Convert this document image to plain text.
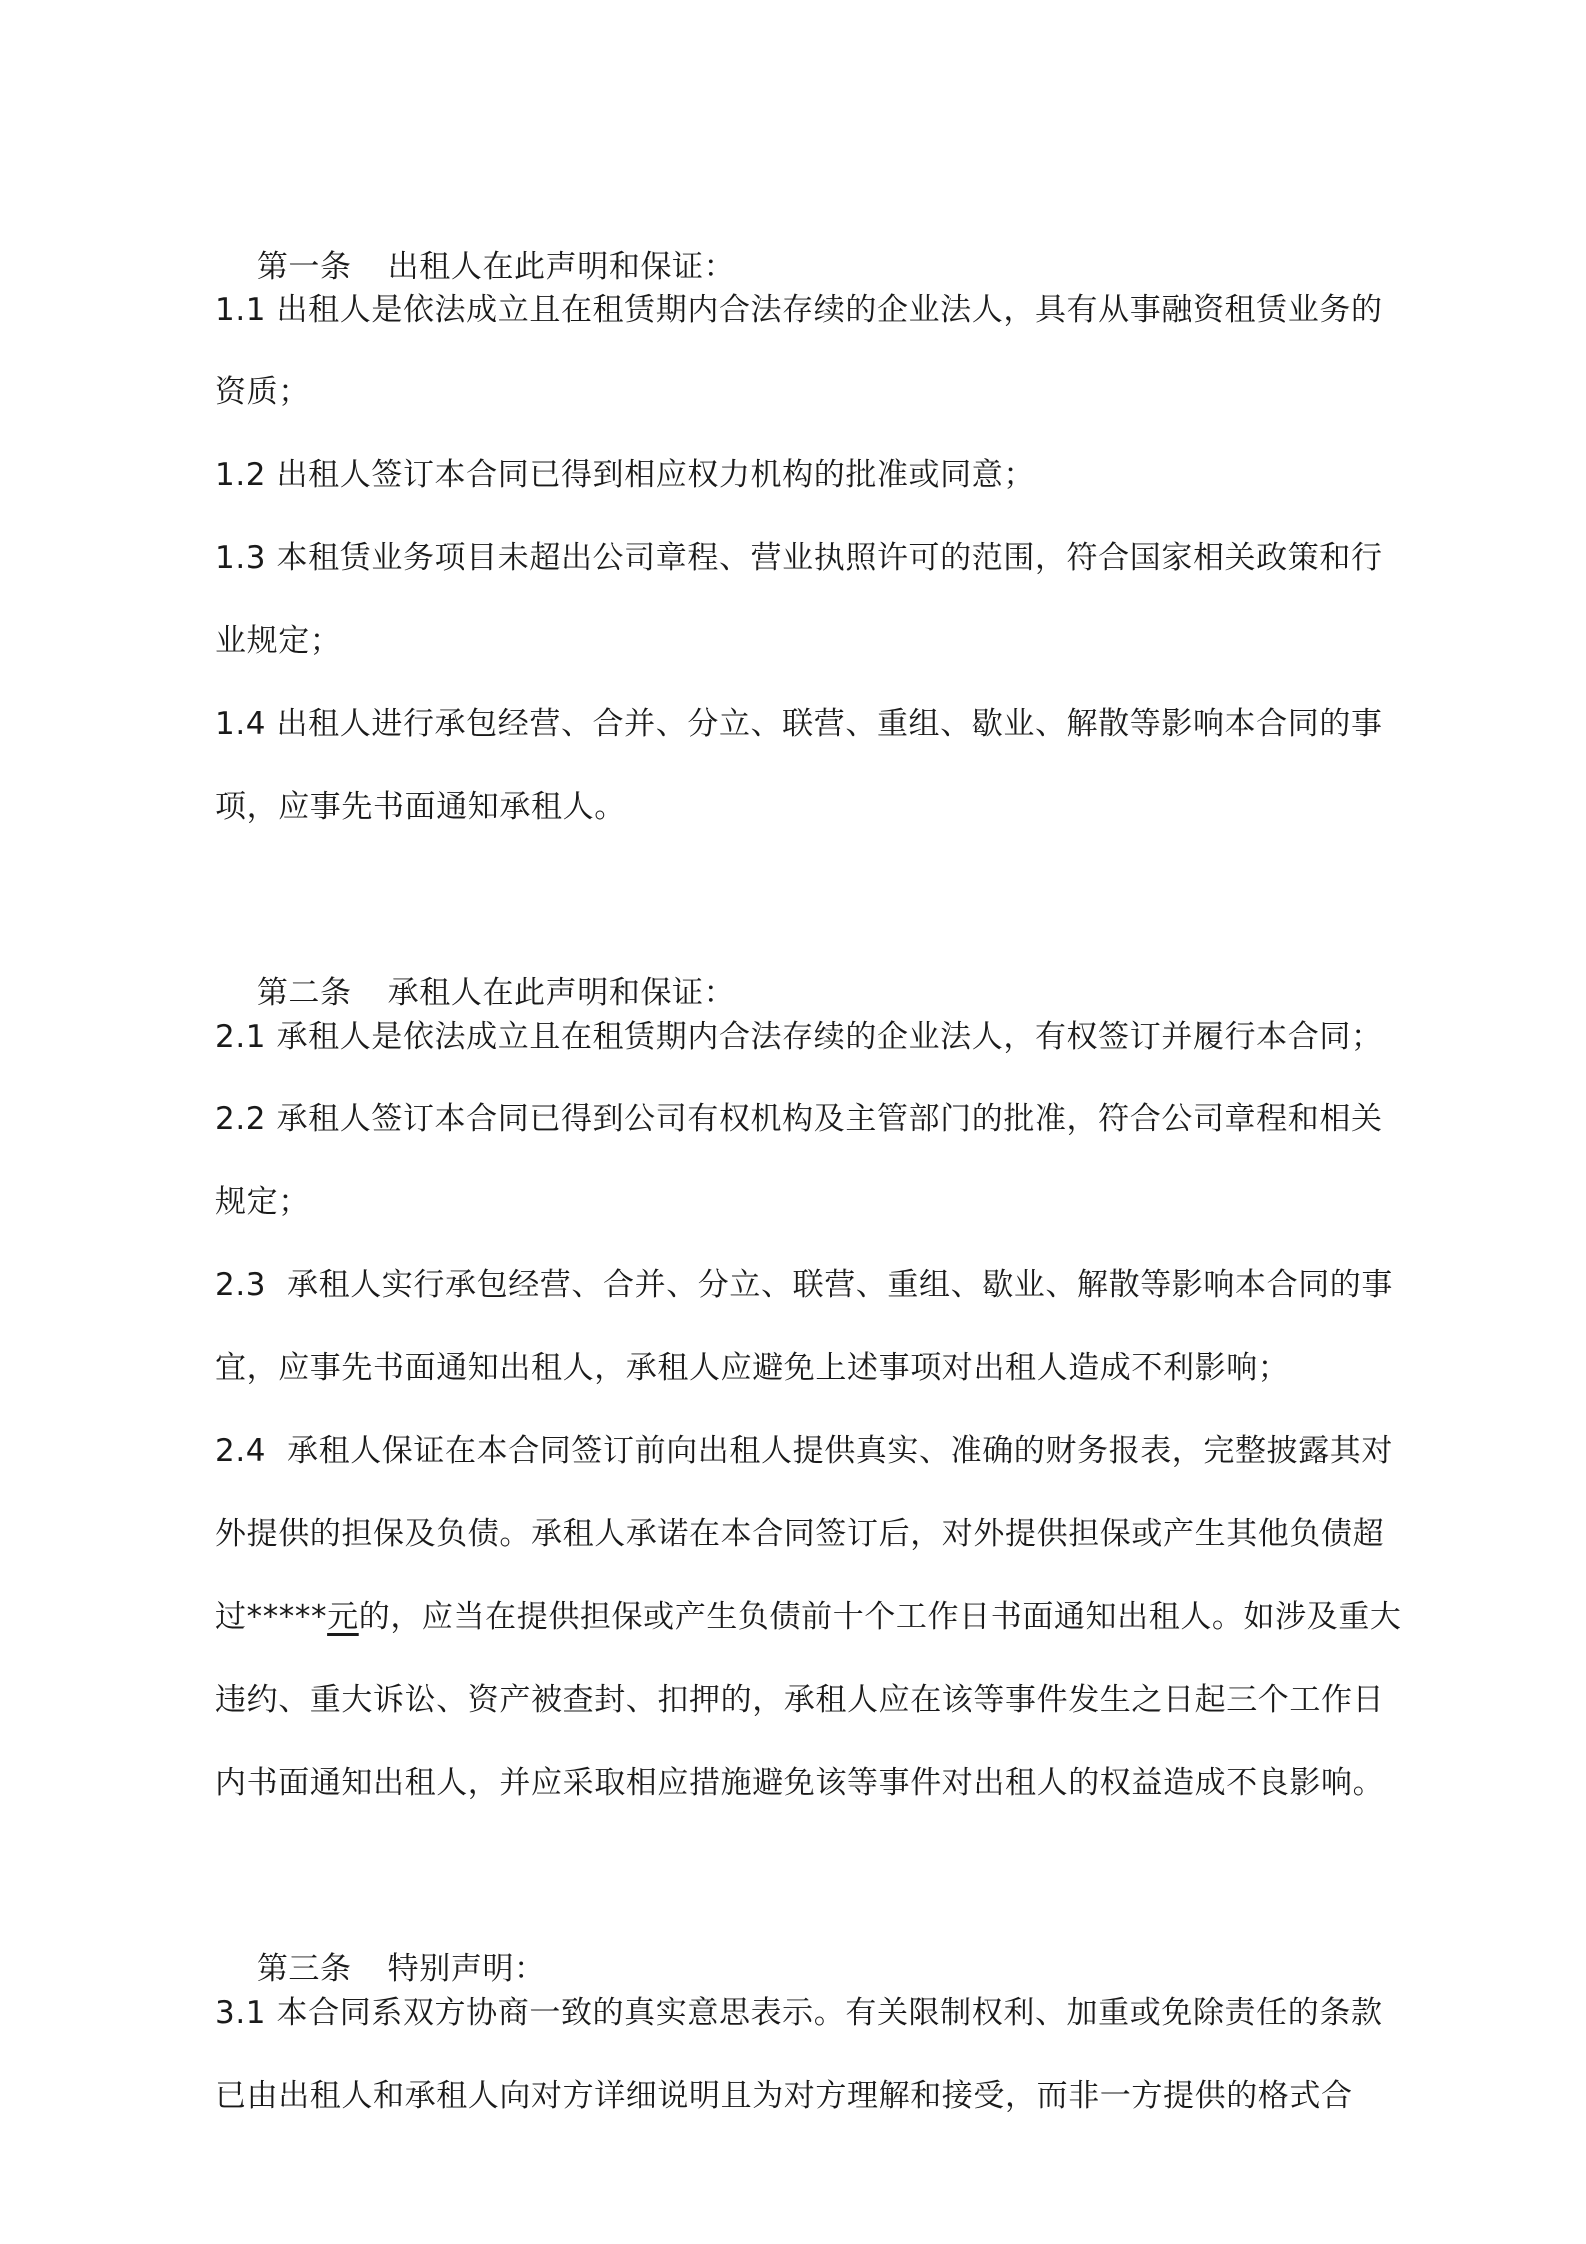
第一条 出租人在此声明和保证：

1.1 出租人是依法成立且在租赁期内合法存续的企业法人，具有从事融资租赁业务的
资质；
1.2 出租人签订本合同已得到相应权力机构的批准或同意；
1.3 本租赁业务项目未超出公司章程、营业执照许可的范围，符合国家相关政策和行
业规定；
1.4 出租人进行承包经营、合并、分立、联营、重组、歇业、解散等影响本合同的事
项，应事先书面通知承租人。

第二条 承租人在此声明和保证：

2.1 承租人是依法成立且在租赁期内合法存续的企业法人，有权签订并履行本合同；
2.2 承租人签订本合同已得到公司有权机构及主管部门的批准，符合公司章程和相关
规定；
2.3  承租人实行承包经营、合并、分立、联营、重组、歇业、解散等影响本合同的事
宜，应事先书面通知出租人，承租人应避免上述事项对出租人造成不利影响；
2.4  承租人保证在本合同签订前向出租人提供真实、准确的财务报表，完整披露其对
外提供的担保及负债。承租人承诺在本合同签订后，对外提供担保或产生其他负债超
过*****元的，应当在提供担保或产生负债前十个工作日书面通知出租人。如涉及重大
违约、重大诉讼、资产被查封、扣押的，承租人应在该等事件发生之日起三个工作日
内书面通知出租人，并应采取相应措施避免该等事件对出租人的权益造成不良影响。

第三条 特别声明：

3.1 本合同系双方协商一致的真实意思表示。有关限制权利、加重或免除责任的条款
已由出租人和承租人向对方详细说明且为对方理解和接受，而非一方提供的格式合
